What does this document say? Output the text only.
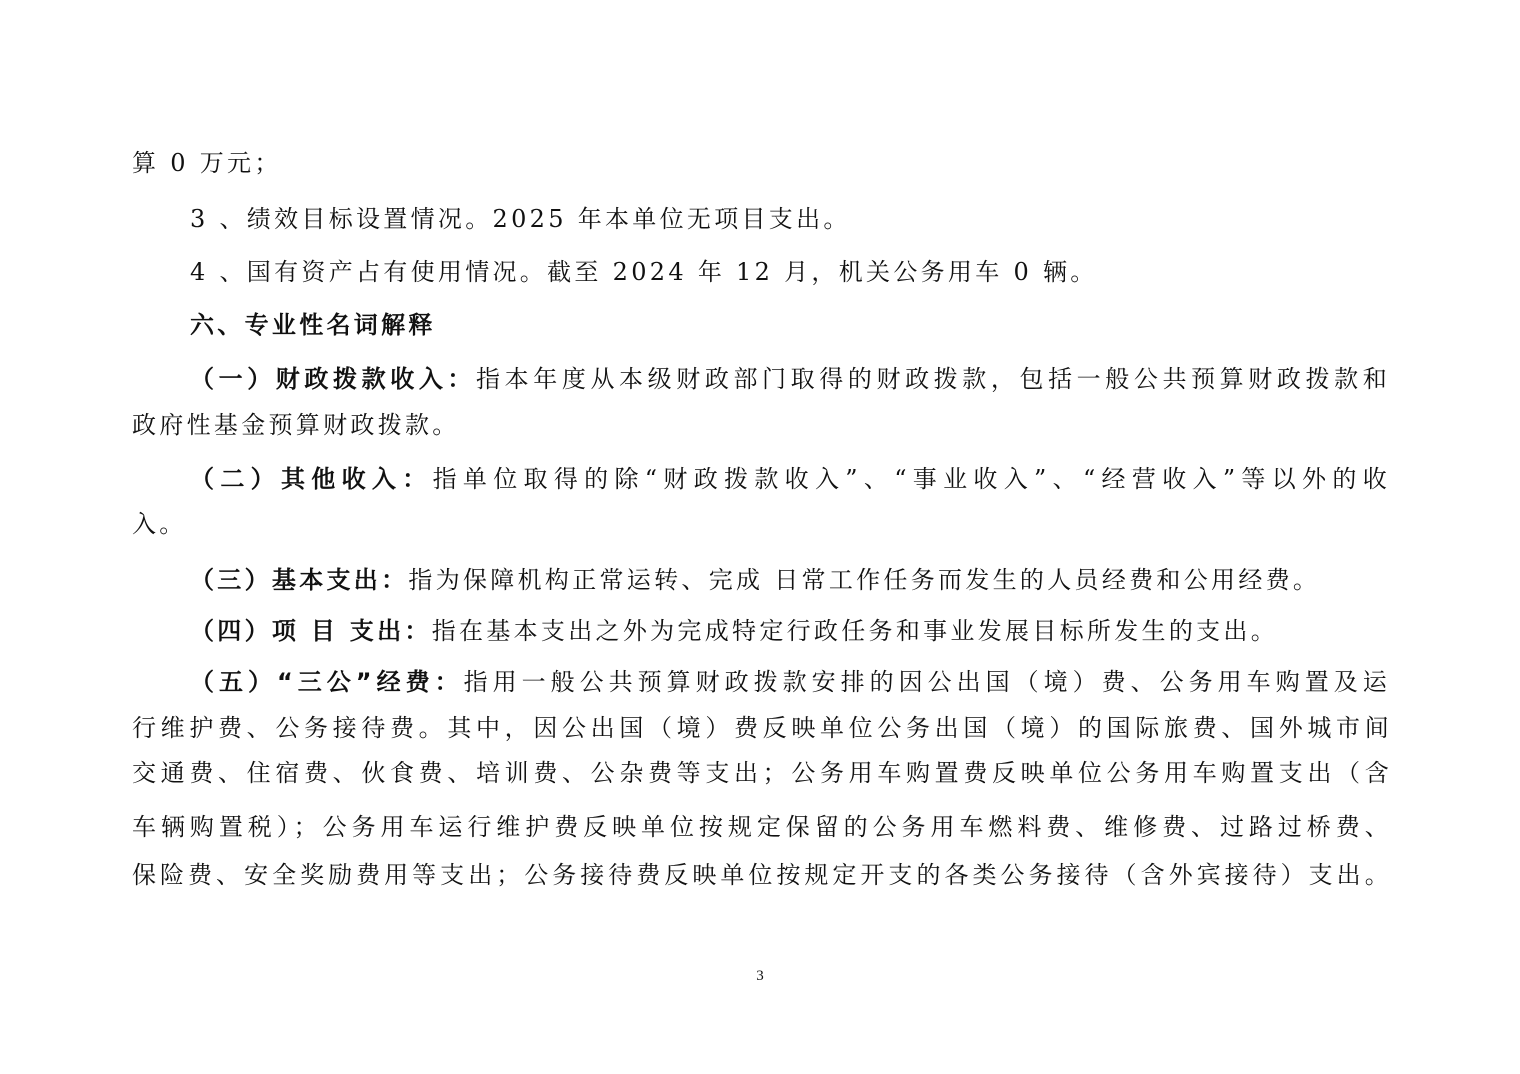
算 0 万元；
3 、绩效目标设置情况。2025 年本单位无项目支出。
4 、国有资产占有使用情况。截至 2024 年 12 月，机关公务用车 0 辆。
六、专业性名词解释
（一）财政拨款收入：指本年度从本级财政部门取得的财政拨款，包括一般公共预算财政拨款和
政府性基金预算财政拨款。
（二）其他收入：指单位取得的除“财政拨款收入”、“事业收入”、“经营收入”等以外的收
入。
（三）基本支出：指为保障机构正常运转、完成 日常工作任务而发生的人员经费和公用经费。
（四）项 目 支出：指在基本支出之外为完成特定行政任务和事业发展目标所发生的支出。
（五）“三公”经费：指用一般公共预算财政拨款安排的因公出国（境）费、公务用车购置及运
行维护费、公务接待费。其中，因公出国（境）费反映单位公务出国（境）的国际旅费、国外城市间
交通费、住宿费、伙食费、培训费、公杂费等支出；公务用车购置费反映单位公务用车购置支出（含
车辆购置税）；公务用车运行维护费反映单位按规定保留的公务用车燃料费、维修费、过路过桥费、
保险费、安全奖励费用等支出；公务接待费反映单位按规定开支的各类公务接待（含外宾接待）支出。
3
